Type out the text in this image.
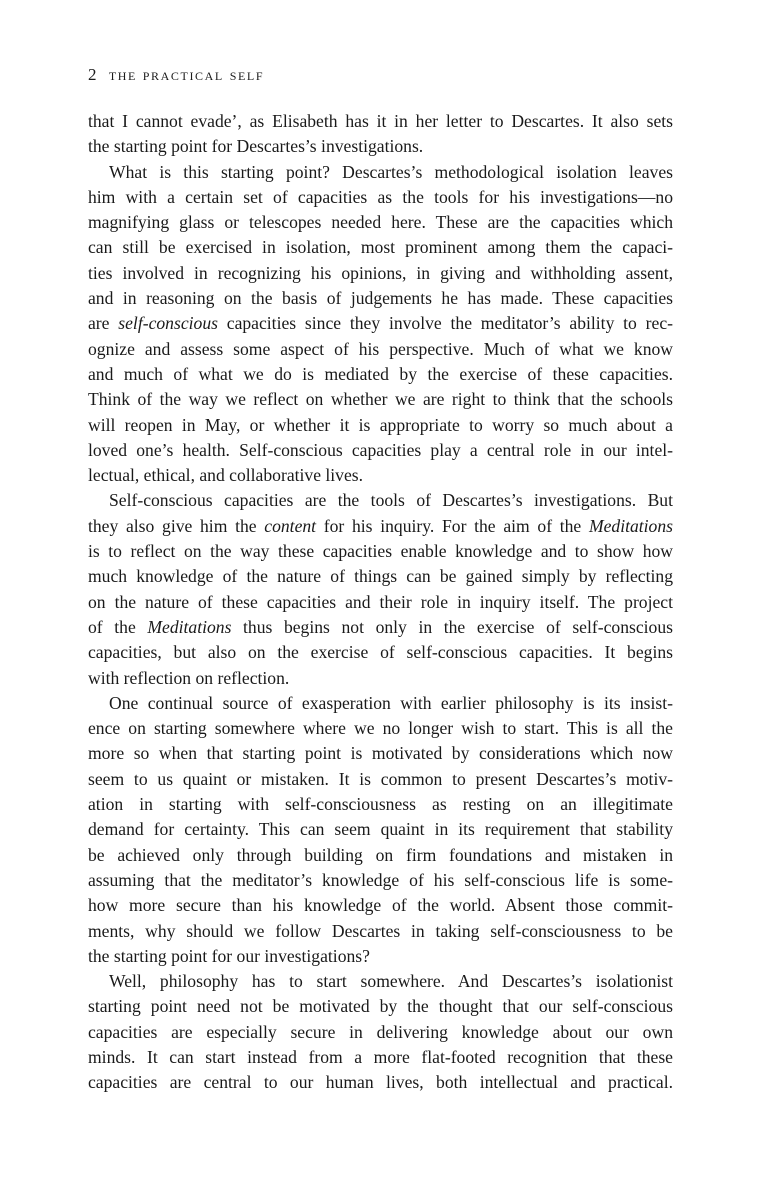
2 the practical self
that I cannot evade’, as Elisabeth has it in her letter to Descartes. It also sets
the starting point for Descartes’s investigations.
What is this starting point? Descartes’s methodological isolation leaves
him with a certain set of capacities as the tools for his investigations—no
magnifying glass or telescopes needed here. These are the capacities which
can still be exercised in isolation, most prominent among them the capaci-
ties involved in recognizing his opinions, in giving and withholding assent,
and in reasoning on the basis of judgements he has made. These capacities
are self-conscious capacities since they involve the meditator’s ability to rec-
ognize and assess some aspect of his perspective. Much of what we know
and much of what we do is mediated by the exercise of these capacities.
Think of the way we reflect on whether we are right to think that the schools
will reopen in May, or whether it is appropriate to worry so much about a
loved one’s health. Self-conscious capacities play a central role in our intel-
lectual, ethical, and collaborative lives.
Self-conscious capacities are the tools of Descartes’s investigations. But
they also give him the content for his inquiry. For the aim of the Meditations
is to reflect on the way these capacities enable knowledge and to show how
much knowledge of the nature of things can be gained simply by reflecting
on the nature of these capacities and their role in inquiry itself. The project
of the Meditations thus begins not only in the exercise of self-conscious
capacities, but also on the exercise of self-conscious capacities. It begins
with reflection on reflection.
One continual source of exasperation with earlier philosophy is its insist-
ence on starting somewhere where we no longer wish to start. This is all the
more so when that starting point is motivated by considerations which now
seem to us quaint or mistaken. It is common to present Descartes’s motiv-
ation in starting with self-consciousness as resting on an illegitimate
demand for certainty. This can seem quaint in its requirement that stability
be achieved only through building on firm foundations and mistaken in
assuming that the meditator’s knowledge of his self-conscious life is some-
how more secure than his knowledge of the world. Absent those commit-
ments, why should we follow Descartes in taking self-consciousness to be
the starting point for our investigations?
Well, philosophy has to start somewhere. And Descartes’s isolationist
starting point need not be motivated by the thought that our self-conscious
capacities are especially secure in delivering knowledge about our own
minds. It can start instead from a more flat-footed recognition that these
capacities are central to our human lives, both intellectual and practical.
